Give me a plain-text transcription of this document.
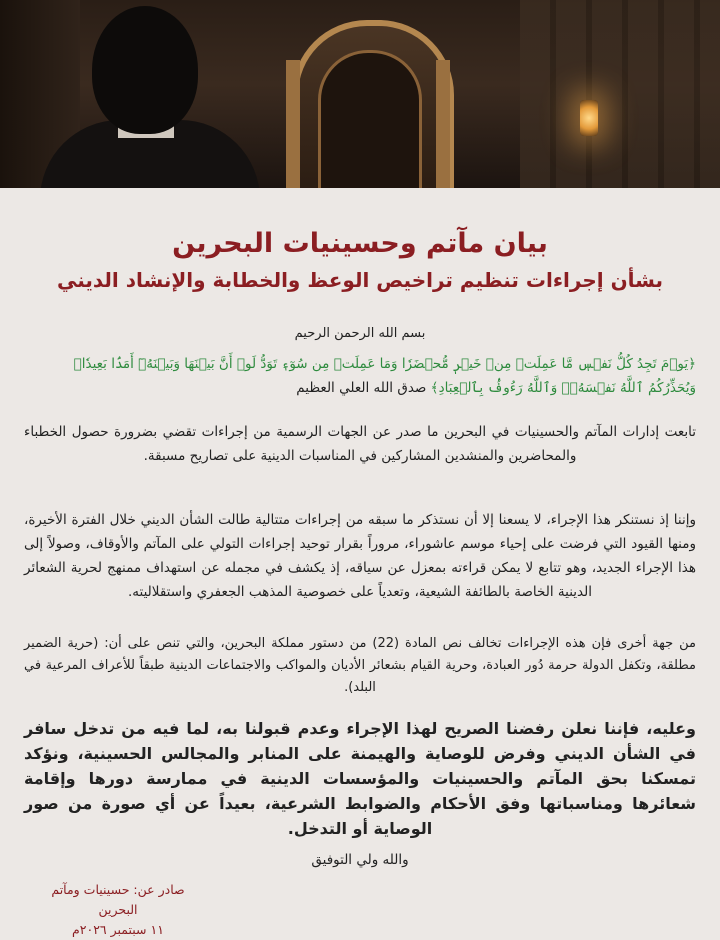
بيان مآتم وحسينيات البحرين
بشأن إجراءات تنظيم تراخيص الوعظ والخطابة والإنشاد الديني
بسم الله الرحمن الرحيم
﴿يَوۡمَ تَجِدُ كُلُّ نَفۡسٖ مَّا عَمِلَتۡ مِنۡ خَيۡرٖ مُّحۡضَرٗا وَمَا عَمِلَتۡ مِن سُوٓءٖ تَوَدُّ لَوۡ أَنَّ بَيۡنَهَا وَبَيۡنَهُۥٓ أَمَدَۢا بَعِيدٗاۗ وَيُحَذِّرُكُمُ ٱللَّهُ نَفۡسَهُۥۗ وَٱللَّهُ رَءُوفُۢ بِٱلۡعِبَادِ﴾ صدق الله العلي العظيم

تابعت إدارات المآتم والحسينيات في البحرين ما صدر عن الجهات الرسمية من إجراءات تقضي بضرورة حصول الخطباء والمحاضرين والمنشدين المشاركين في المناسبات الدينية على تصاريح مسبقة.

وإننا إذ نستنكر هذا الإجراء، لا يسعنا إلا أن نستذكر ما سبقه من إجراءات متتالية طالت الشأن الديني خلال الفترة الأخيرة، ومنها القيود التي فرضت على إحياء موسم عاشوراء، مروراً بقرار توحيد إجراءات التولي على المآتم والأوقاف، وصولاً إلى هذا الإجراء الجديد، وهو تتابع لا يمكن قراءته بمعزل عن سياقه، إذ يكشف في مجمله عن استهداف ممنهج لحرية الشعائر الدينية الخاصة بالطائفة الشيعية، وتعدياً على خصوصية المذهب الجعفري واستقلاليته.

من جهة أخرى فإن هذه الإجراءات تخالف نص المادة (22) من دستور مملكة البحرين، والتي تنص على أن: (حرية الضمير مطلقة، وتكفل الدولة حرمة دُور العبادة، وحرية القيام بشعائر الأديان والمواكب والاجتماعات الدينية طبقاً للأعراف المرعية في البلد).

وعليه، فإننا نعلن رفضنا الصريح لهذا الإجراء وعدم قبولنا به، لما فيه من تدخل سافر في الشأن الديني وفرض للوصاية والهيمنة على المنابر والمجالس الحسينية، ونؤكد تمسكنا بحق المآتم والحسينيات والمؤسسات الدينية في ممارسة دورها وإقامة شعائرها ومناسباتها وفق الأحكام والضوابط الشرعية، بعيداً عن أي صورة من صور الوصاية أو التدخل.

والله ولي التوفيق
صادر عن: حسينيات ومآتم البحرين
١١ سبتمبر ٢٠٢٦م
